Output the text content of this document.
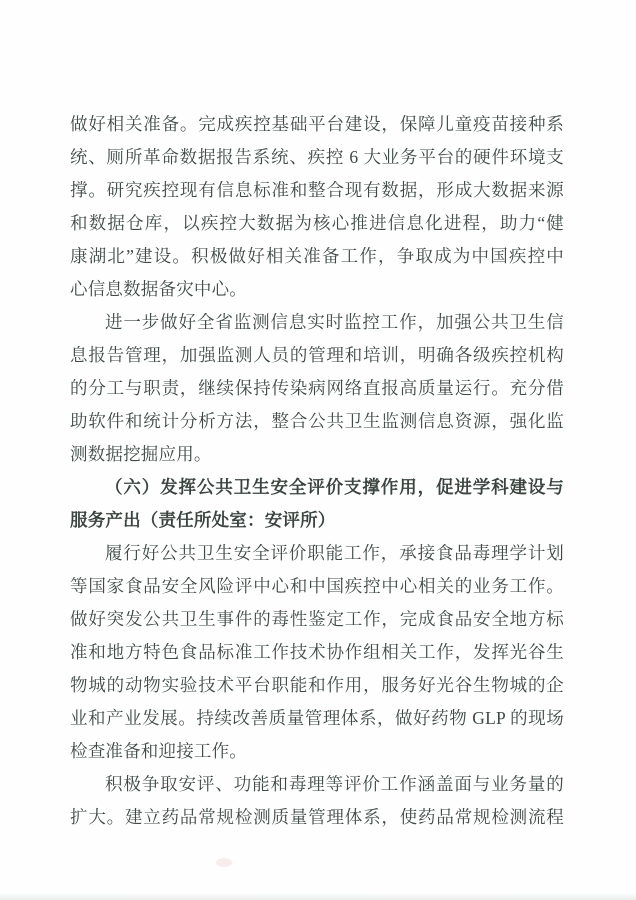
做好相关准备。完成疾控基础平台建设，保障儿童疫苗接种系
统、厕所革命数据报告系统、疾控 6 大业务平台的硬件环境支
撑。研究疾控现有信息标准和整合现有数据，形成大数据来源
和数据仓库，以疾控大数据为核心推进信息化进程，助力“健
康湖北”建设。积极做好相关准备工作，争取成为中国疾控中
心信息数据备灾中心。
进一步做好全省监测信息实时监控工作，加强公共卫生信
息报告管理，加强监测人员的管理和培训，明确各级疾控机构
的分工与职责，继续保持传染病网络直报高质量运行。充分借
助软件和统计分析方法，整合公共卫生监测信息资源，强化监
测数据挖掘应用。
（六）发挥公共卫生安全评价支撑作用，促进学科建设与
服务产出（责任所处室：安评所）
履行好公共卫生安全评价职能工作，承接食品毒理学计划
等国家食品安全风险评中心和中国疾控中心相关的业务工作。
做好突发公共卫生事件的毒性鉴定工作，完成食品安全地方标
准和地方特色食品标准工作技术协作组相关工作，发挥光谷生
物城的动物实验技术平台职能和作用，服务好光谷生物城的企
业和产业发展。持续改善质量管理体系，做好药物 GLP 的现场
检查准备和迎接工作。
积极争取安评、功能和毒理等评价工作涵盖面与业务量的
扩大。建立药品常规检测质量管理体系，使药品常规检测流程
